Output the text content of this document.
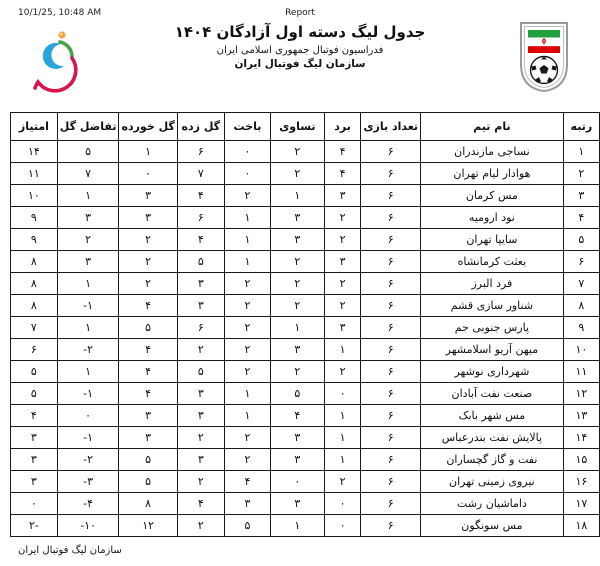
10/1/25, 10:48 AM	Report
جدول لیگ دسته اول آزادگان ۱۴۰۴
فدراسیون فوتبال جمهوری اسلامی ایران
سازمان لیگ فوتبال ایران
رتبه	نام تیم	تعداد بازی	برد	تساوی	باخت	گل زده	گل خورده	تفاضل گل	امتیاز
۱	نساجی مازندران	۶	۴	۲	۰	۶	۱	۵	۱۴
۲	هوادار لیام تهران	۶	۴	۲	۰	۷	۰	۷	۱۱
۳	مس کرمان	۶	۳	۱	۲	۴	۳	۱	۱۰
۴	نود ارومیه	۶	۲	۳	۱	۶	۳	۳	۹
۵	سایپا تهران	۶	۲	۳	۱	۴	۲	۲	۹
۶	بعثت کرمانشاه	۶	۳	۲	۱	۵	۲	۳	۸
۷	فرد البرز	۶	۲	۲	۲	۳	۲	۱	۸
۸	شناور سازی قشم	۶	۲	۲	۲	۳	۴	-۱	۸
۹	پارس جنوبی جم	۶	۳	۱	۲	۶	۵	۱	۷
۱۰	میهن آریو اسلامشهر	۶	۱	۳	۲	۲	۴	-۲	۶
۱۱	شهرداری نوشهر	۶	۲	۲	۲	۵	۴	۱	۵
۱۲	صنعت نفت آبادان	۶	۰	۵	۱	۳	۴	-۱	۵
۱۳	مس شهر بابک	۶	۱	۴	۱	۳	۳	۰	۴
۱۴	پالایش نفت بندرعباس	۶	۱	۳	۲	۲	۳	-۱	۳
۱۵	نفت و گاز گچساران	۶	۱	۳	۲	۳	۵	-۲	۳
۱۶	نیروی زمینی تهران	۶	۲	۰	۴	۲	۵	-۳	۳
۱۷	داماشیان رشت	۶	۰	۳	۳	۴	۸	-۴	۰
۱۸	مس سونگون	۶	۰	۱	۵	۲	۱۲	-۱۰	۲-
سازمان لیگ فوتبال ایران
